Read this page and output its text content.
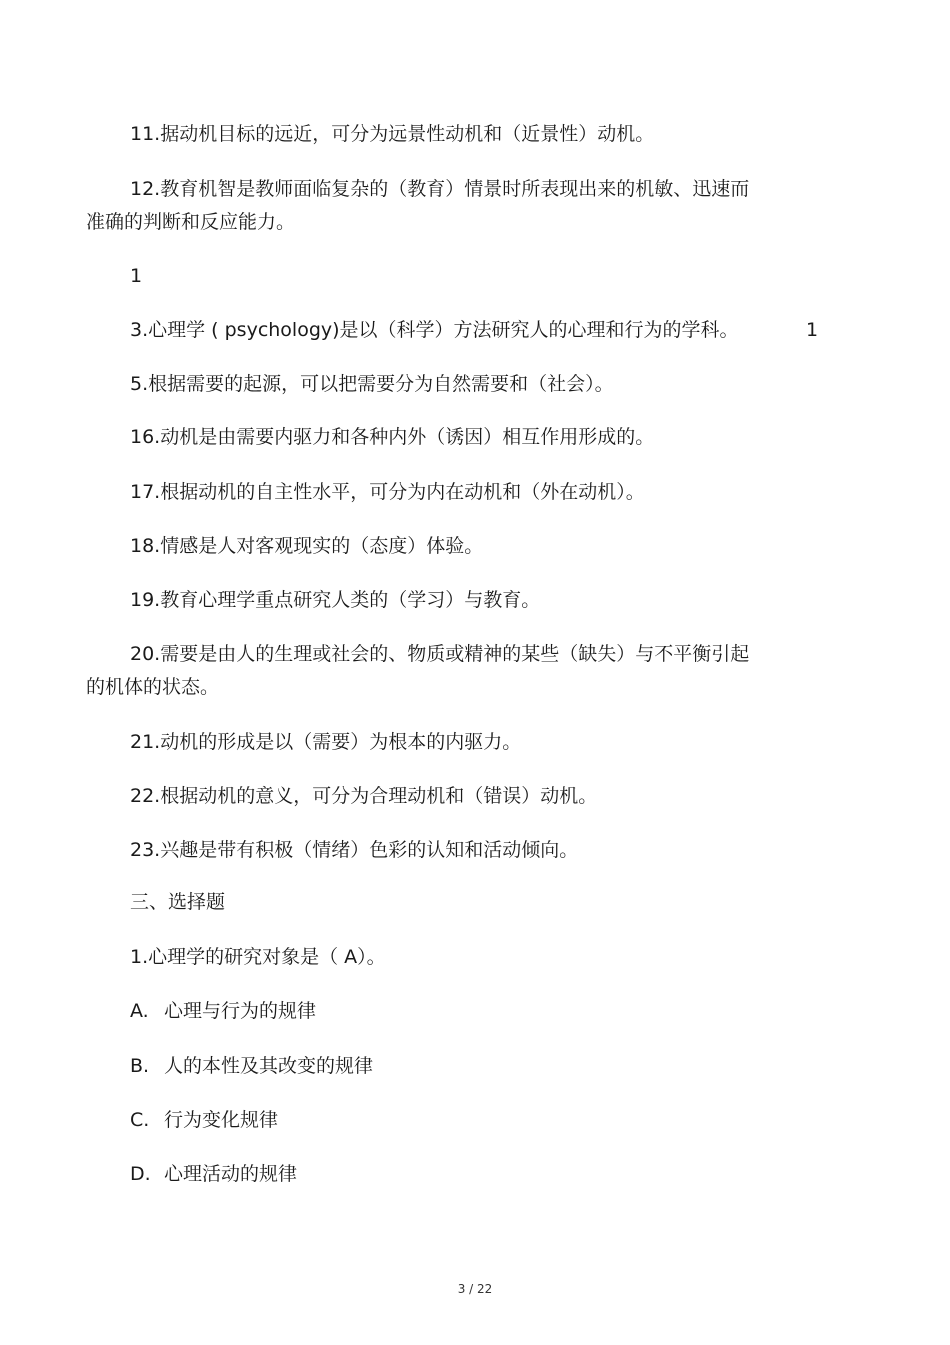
11.据动机目标的远近，可分为远景性动机和（近景性）动机。
12.教育机智是教师面临复杂的（教育）情景时所表现出来的机敏、迅速而
准确的判断和反应能力。
1
3.心理学 ( psychology)是以（科学）方法研究人的心理和行为的学科。	1
5.根据需要的起源，可以把需要分为自然需要和（社会）。
16.动机是由需要内驱力和各种内外（诱因）相互作用形成的。
17.根据动机的自主性水平，可分为内在动机和（外在动机）。
18.情感是人对客观现实的（态度）体验。
19.教育心理学重点研究人类的（学习）与教育。
20.需要是由人的生理或社会的、物质或精神的某些（缺失）与不平衡引起
的机体的状态。
21.动机的形成是以（需要）为根本的内驱力。
22.根据动机的意义，可分为合理动机和（错误）动机。
23.兴趣是带有积极（情绪）色彩的认知和活动倾向。
三、选择题
1.心理学的研究对象是（ A）。
A. 心理与行为的规律
B. 人的本性及其改变的规律
C. 行为变化规律
D. 心理活动的规律
3 / 22
